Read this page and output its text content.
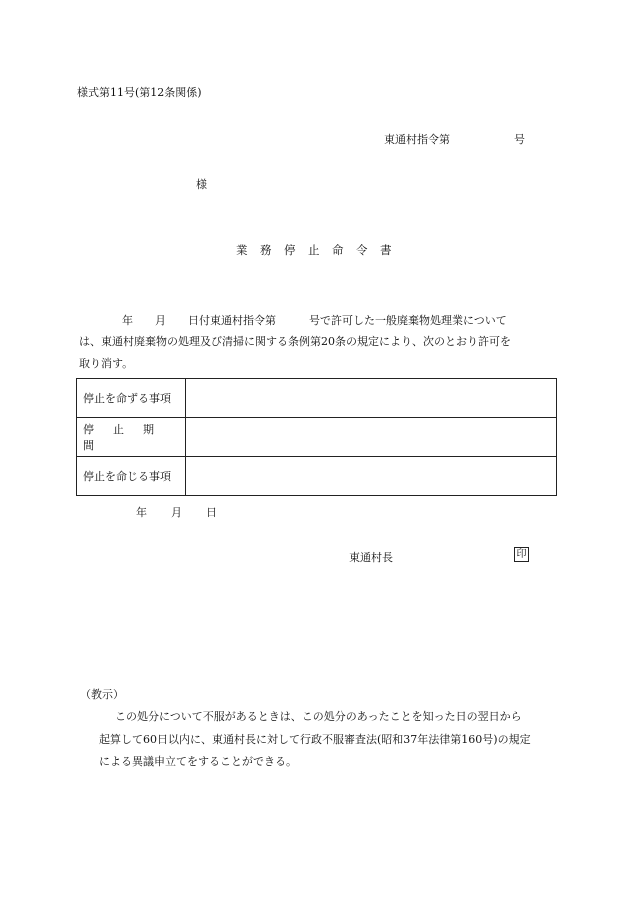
様式第11号(第12条関係)
東通村指令第	号
様
業務停止命令書
年　　月　　日付東通村指令第　　　号で許可した一般廃棄物処理業について
は、東通村廃棄物の処理及び清掃に関する条例第20条の規定により、次のとおり許可を
取り消す。
停止を命ずる事項	
停止期間	
停止を命じる事項	
年 月 日
東通村長	印
（教示）
この処分について不服があるときは、この処分のあったことを知った日の翌日から
起算して60日以内に、東通村長に対して行政不服審査法(昭和37年法律第160号)の規定
による異議申立てをすることができる。
